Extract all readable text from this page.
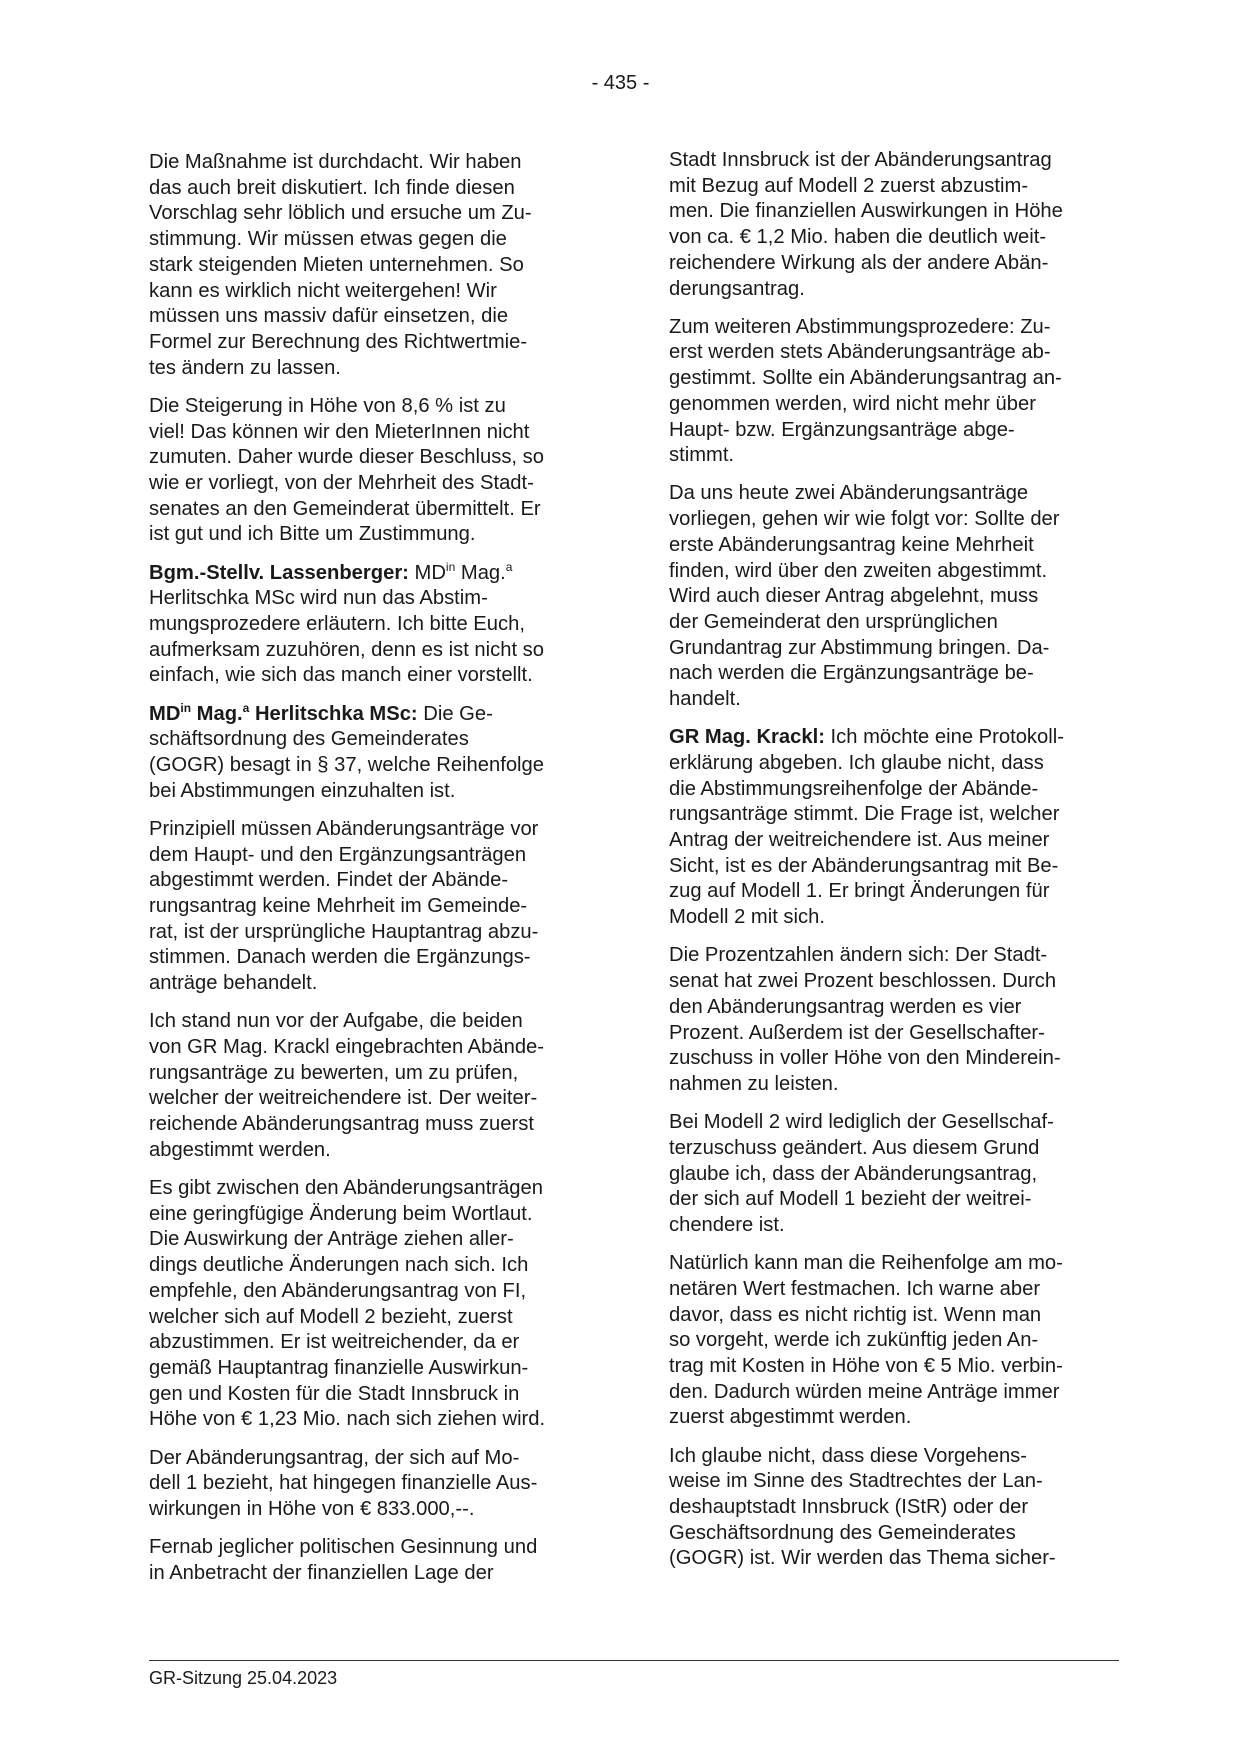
- 435 -

Die Maßnahme ist durchdacht. Wir haben
das auch breit diskutiert. Ich finde diesen
Vorschlag sehr löblich und ersuche um Zu-
stimmung. Wir müssen etwas gegen die
stark steigenden Mieten unternehmen. So
kann es wirklich nicht weitergehen! Wir
müssen uns massiv dafür einsetzen, die
Formel zur Berechnung des Richtwertmie-
tes ändern zu lassen.

Die Steigerung in Höhe von 8,6 % ist zu
viel! Das können wir den MieterInnen nicht
zumuten. Daher wurde dieser Beschluss, so
wie er vorliegt, von der Mehrheit des Stadt-
senates an den Gemeinderat übermittelt. Er
ist gut und ich Bitte um Zustimmung.

Bgm.-Stellv. Lassenberger: $MD^{in}$ Mag.$^a$
Herlitschka MSc wird nun das Abstim-
mungsprozedere erläutern. Ich bitte Euch,
aufmerksam zuzuhören, denn es ist nicht so
einfach, wie sich das manch einer vorstellt.

$MD^{in}$ Mag.$^a$ Herlitschka MSc: Die Ge-
schäftsordnung des Gemeinderates
(GOGR) besagt in § 37, welche Reihenfolge
bei Abstimmungen einzuhalten ist.

Prinzipiell müssen Abänderungsanträge vor
dem Haupt- und den Ergänzungsanträgen
abgestimmt werden. Findet der Abände-
rungsantrag keine Mehrheit im Gemeinde-
rat, ist der ursprüngliche Hauptantrag abzu-
stimmen. Danach werden die Ergänzungs-
anträge behandelt.

Ich stand nun vor der Aufgabe, die beiden
von GR Mag. Krackl eingebrachten Abände-
rungsanträge zu bewerten, um zu prüfen,
welcher der weitreichendere ist. Der weiter-
reichende Abänderungsantrag muss zuerst
abgestimmt werden.

Es gibt zwischen den Abänderungsanträgen
eine geringfügige Änderung beim Wortlaut.
Die Auswirkung der Anträge ziehen aller-
dings deutliche Änderungen nach sich. Ich
empfehle, den Abänderungsantrag von FI,
welcher sich auf Modell 2 bezieht, zuerst
abzustimmen. Er ist weitreichender, da er
gemäß Hauptantrag finanzielle Auswirkun-
gen und Kosten für die Stadt Innsbruck in
Höhe von € 1,23 Mio. nach sich ziehen wird.

Der Abänderungsantrag, der sich auf Mo-
dell 1 bezieht, hat hingegen finanzielle Aus-
wirkungen in Höhe von € 833.000,--.

Fernab jeglicher politischen Gesinnung und
in Anbetracht der finanziellen Lage der

Stadt Innsbruck ist der Abänderungsantrag
mit Bezug auf Modell 2 zuerst abzustim-
men. Die finanziellen Auswirkungen in Höhe
von ca. € 1,2 Mio. haben die deutlich weit-
reichendere Wirkung als der andere Abän-
derungsantrag.

Zum weiteren Abstimmungsprozedere: Zu-
erst werden stets Abänderungsanträge ab-
gestimmt. Sollte ein Abänderungsantrag an-
genommen werden, wird nicht mehr über
Haupt- bzw. Ergänzungsanträge abge-
stimmt.

Da uns heute zwei Abänderungsanträge
vorliegen, gehen wir wie folgt vor: Sollte der
erste Abänderungsantrag keine Mehrheit
finden, wird über den zweiten abgestimmt.
Wird auch dieser Antrag abgelehnt, muss
der Gemeinderat den ursprünglichen
Grundantrag zur Abstimmung bringen. Da-
nach werden die Ergänzungsanträge be-
handelt.

GR Mag. Krackl: Ich möchte eine Protokoll-
erklärung abgeben. Ich glaube nicht, dass
die Abstimmungsreihenfolge der Abände-
rungsanträge stimmt. Die Frage ist, welcher
Antrag der weitreichendere ist. Aus meiner
Sicht, ist es der Abänderungsantrag mit Be-
zug auf Modell 1. Er bringt Änderungen für
Modell 2 mit sich.

Die Prozentzahlen ändern sich: Der Stadt-
senat hat zwei Prozent beschlossen. Durch
den Abänderungsantrag werden es vier
Prozent. Außerdem ist der Gesellschafter-
zuschuss in voller Höhe von den Minderein-
nahmen zu leisten.

Bei Modell 2 wird lediglich der Gesellschaf-
terzuschuss geändert. Aus diesem Grund
glaube ich, dass der Abänderungsantrag,
der sich auf Modell 1 bezieht der weitrei-
chendere ist.

Natürlich kann man die Reihenfolge am mo-
netären Wert festmachen. Ich warne aber
davor, dass es nicht richtig ist. Wenn man
so vorgeht, werde ich zukünftig jeden An-
trag mit Kosten in Höhe von € 5 Mio. verbin-
den. Dadurch würden meine Anträge immer
zuerst abgestimmt werden.

Ich glaube nicht, dass diese Vorgehens-
weise im Sinne des Stadtrechtes der Lan-
deshauptstadt Innsbruck (IStR) oder der
Geschäftsordnung des Gemeinderates
(GOGR) ist. Wir werden das Thema sicher-

GR-Sitzung 25.04.2023
